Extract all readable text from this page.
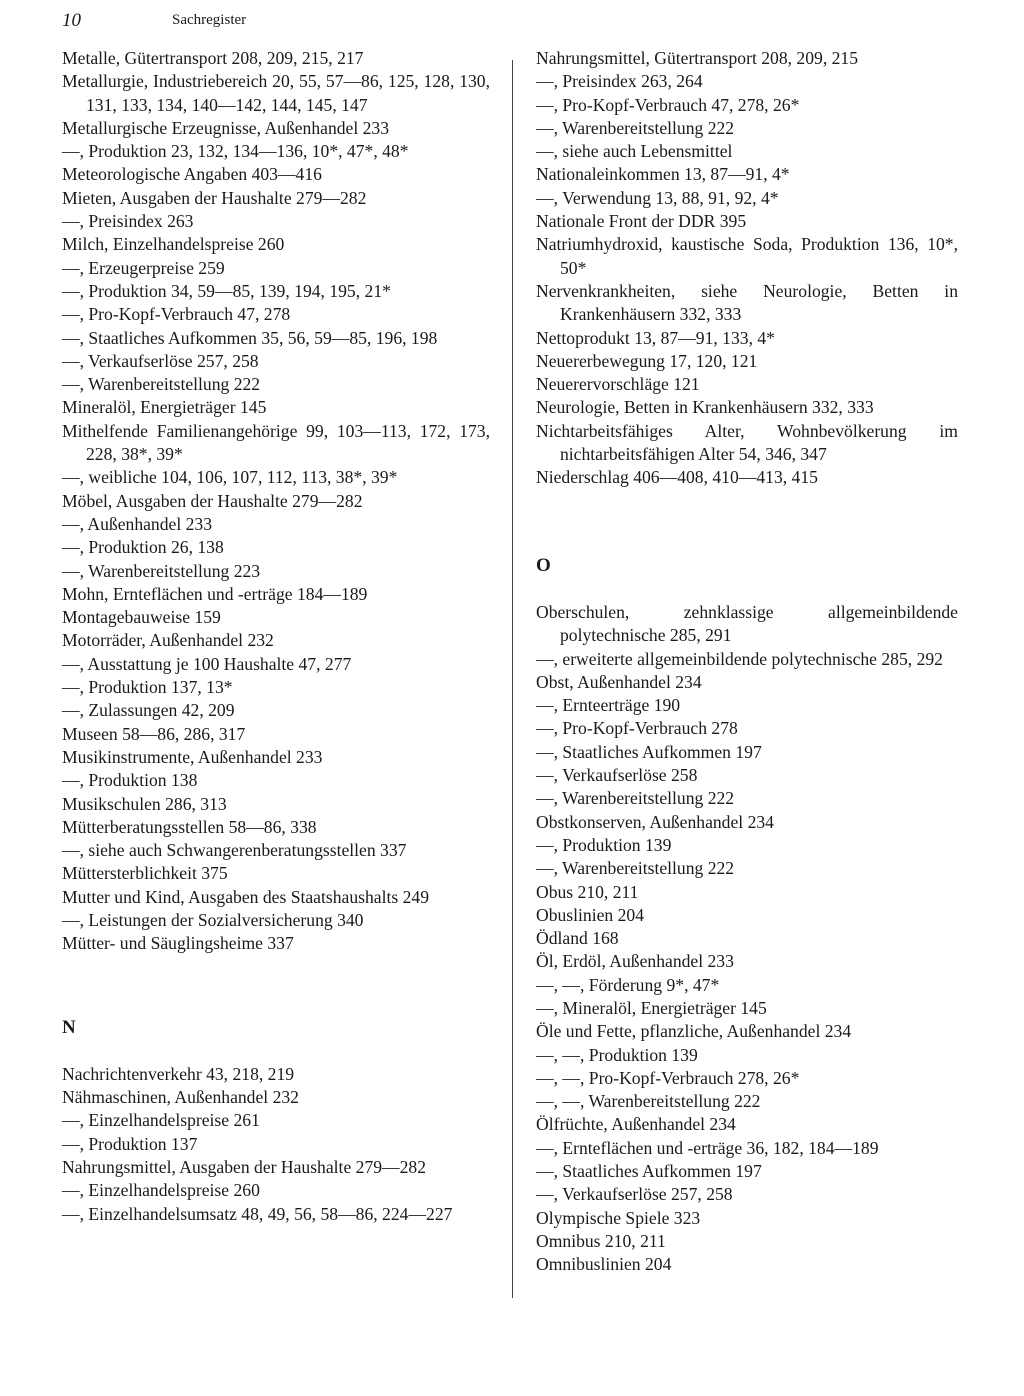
10	Sachregister

Metalle, Gütertransport 208, 209, 215, 217

Metallurgie, Industriebereich 20, 55, 57—86, 125, 128, 130, 131, 133, 134, 140—142, 144, 145, 147

Metallurgische Erzeugnisse, Außenhandel 233

—, Produktion 23, 132, 134—136, 10*, 47*, 48*

Meteorologische Angaben 403—416

Mieten, Ausgaben der Haushalte 279—282

—, Preisindex 263

Milch, Einzelhandelspreise 260

—, Erzeugerpreise 259

—, Produktion 34, 59—85, 139, 194, 195, 21*

—, Pro-Kopf-Verbrauch 47, 278

—, Staatliches Aufkommen 35, 56, 59—85, 196, 198

—, Verkaufserlöse 257, 258

—, Warenbereitstellung 222

Mineralöl, Energieträger 145

Mithelfende Familienangehörige 99, 103—113, 172, 173, 228, 38*, 39*

—, weibliche 104, 106, 107, 112, 113, 38*, 39*

Möbel, Ausgaben der Haushalte 279—282

—, Außenhandel 233

—, Produktion 26, 138

—, Warenbereitstellung 223

Mohn, Ernteflächen und -erträge 184—189

Montagebauweise 159

Motorräder, Außenhandel 232

—, Ausstattung je 100 Haushalte 47, 277

—, Produktion 137, 13*

—, Zulassungen 42, 209

Museen 58—86, 286, 317

Musikinstrumente, Außenhandel 233

—, Produktion 138

Musikschulen 286, 313

Mütterberatungsstellen 58—86, 338

—, siehe auch Schwangerenberatungsstellen 337

Müttersterblichkeit 375

Mutter und Kind, Ausgaben des Staatshaushalts 249

—, Leistungen der Sozialversicherung 340

Mütter- und Säuglingsheime 337

N

Nachrichtenverkehr 43, 218, 219

Nähmaschinen, Außenhandel 232

—, Einzelhandelspreise 261

—, Produktion 137

Nahrungsmittel, Ausgaben der Haushalte 279—282

—, Einzelhandelspreise 260

—, Einzelhandelsumsatz 48, 49, 56, 58—86, 224—227

Nahrungsmittel, Gütertransport 208, 209, 215

—, Preisindex 263, 264

—, Pro-Kopf-Verbrauch 47, 278, 26*

—, Warenbereitstellung 222

—, siehe auch Lebensmittel

Nationaleinkommen 13, 87—91, 4*

—, Verwendung 13, 88, 91, 92, 4*

Nationale Front der DDR 395

Natriumhydroxid, kaustische Soda, Produktion 136, 10*, 50*

Nervenkrankheiten, siehe Neurologie, Betten in Krankenhäusern 332, 333

Nettoprodukt 13, 87—91, 133, 4*

Neuererbewegung 17, 120, 121

Neuerervorschläge 121

Neurologie, Betten in Krankenhäusern 332, 333

Nichtarbeitsfähiges Alter, Wohnbevölkerung im nichtarbeitsfähigen Alter 54, 346, 347

Niederschlag 406—408, 410—413, 415

O

Oberschulen, zehnklassige allgemeinbildende polytechnische 285, 291

—, erweiterte allgemeinbildende polytechnische 285, 292

Obst, Außenhandel 234

—, Ernteerträge 190

—, Pro-Kopf-Verbrauch 278

—, Staatliches Aufkommen 197

—, Verkaufserlöse 258

—, Warenbereitstellung 222

Obstkonserven, Außenhandel 234

—, Produktion 139

—, Warenbereitstellung 222

Obus 210, 211

Obuslinien 204

Ödland 168

Öl, Erdöl, Außenhandel 233

—, —, Förderung 9*, 47*

—, Mineralöl, Energieträger 145

Öle und Fette, pflanzliche, Außenhandel 234

—, —, Produktion 139

—, —, Pro-Kopf-Verbrauch 278, 26*

—, —, Warenbereitstellung 222

Ölfrüchte, Außenhandel 234

—, Ernteflächen und -erträge 36, 182, 184—189

—, Staatliches Aufkommen 197

—, Verkaufserlöse 257, 258

Olympische Spiele 323

Omnibus 210, 211

Omnibuslinien 204
